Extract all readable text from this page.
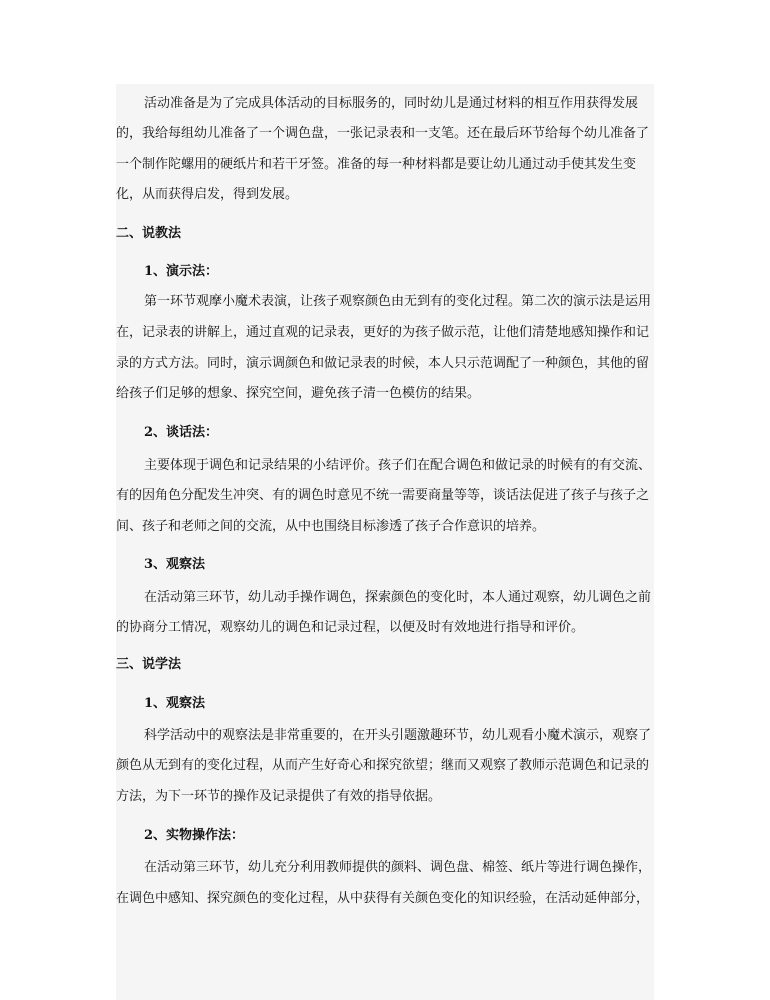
活动准备是为了完成具体活动的目标服务的，同时幼儿是通过材料的相互作用获得发展
的，我给每组幼儿准备了一个调色盘，一张记录表和一支笔。还在最后环节给每个幼儿准备了
一个制作陀螺用的硬纸片和若干牙签。准备的每一种材料都是要让幼儿通过动手使其发生变
化，从而获得启发，得到发展。
二、说教法
1、演示法：
第一环节观摩小魔术表演，让孩子观察颜色由无到有的变化过程。第二次的演示法是运用
在，记录表的讲解上，通过直观的记录表，更好的为孩子做示范，让他们清楚地感知操作和记
录的方式方法。同时，演示调颜色和做记录表的时候，本人只示范调配了一种颜色，其他的留
给孩子们足够的想象、探究空间，避免孩子清一色模仿的结果。
2、谈话法：
主要体现于调色和记录结果的小结评价。孩子们在配合调色和做记录的时候有的有交流、
有的因角色分配发生冲突、有的调色时意见不统一需要商量等等，谈话法促进了孩子与孩子之
间、孩子和老师之间的交流，从中也围绕目标渗透了孩子合作意识的培养。
3、观察法
在活动第三环节，幼儿动手操作调色，探索颜色的变化时，本人通过观察，幼儿调色之前
的协商分工情况，观察幼儿的调色和记录过程，以便及时有效地进行指导和评价。
三、说学法
1、观察法
科学活动中的观察法是非常重要的，在开头引题激趣环节，幼儿观看小魔术演示，观察了
颜色从无到有的变化过程，从而产生好奇心和探究欲望；继而又观察了教师示范调色和记录的
方法，为下一环节的操作及记录提供了有效的指导依据。
2、实物操作法：
在活动第三环节，幼儿充分利用教师提供的颜料、调色盘、棉签、纸片等进行调色操作，
在调色中感知、探究颜色的变化过程，从中获得有关颜色变化的知识经验，在活动延伸部分，
